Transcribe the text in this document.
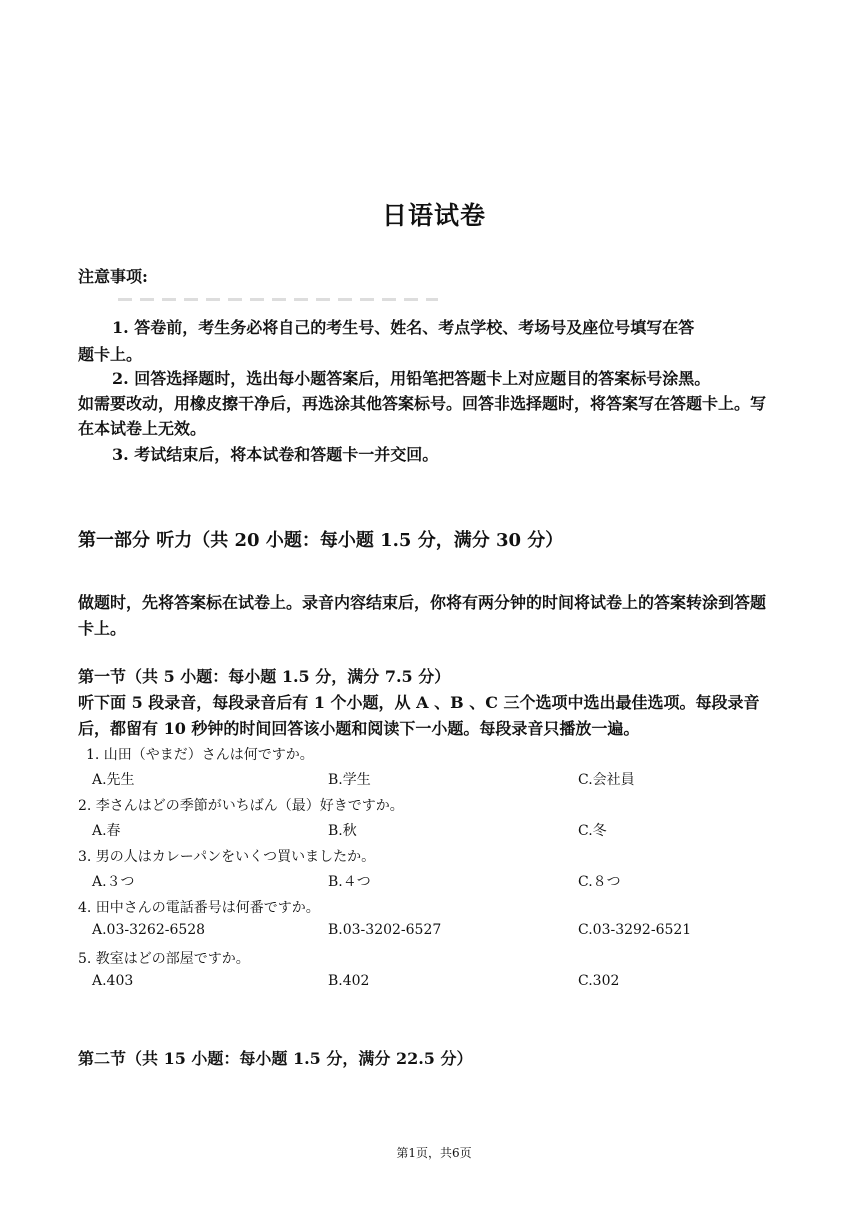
日语试卷
注意事项:
1. 答卷前，考生务必将自己的考生号、姓名、考点学校、考场号及座位号填写在答
题卡上。
2. 回答选择题时，选出每小题答案后，用铅笔把答题卡上对应题目的答案标号涂黑。
如需要改动，用橡皮擦干净后，再选涂其他答案标号。回答非选择题时，将答案写在答题卡上。写
在本试卷上无效。
3. 考试结束后，将本试卷和答题卡一并交回。
第一部分 听力（共 20 小题：每小题 1.5 分，满分 30 分）
做题时，先将答案标在试卷上。录音内容结束后，你将有两分钟的时间将试卷上的答案转涂到答题
卡上。
第一节（共 5 小题：每小题 1.5 分，满分 7.5 分）
听下面 5 段录音，每段录音后有 1 个小题，从 A 、B 、C 三个选项中选出最佳选项。每段录音
后，都留有 10 秒钟的时间回答该小题和阅读下一小题。每段录音只播放一遍。
1. 山田（やまだ）さんは何ですか。
A.先生	B.学生	C.会社員
2. 李さんはどの季節がいちばん（最）好きですか。
A.春	B.秋	C.冬
3. 男の人はカレーパンをいくつ買いましたか。
A.３つ	B.４つ	C.８つ
4. 田中さんの電話番号は何番ですか。
A.03-3262-6528	B.03-3202-6527	C.03-3292-6521
5. 教室はどの部屋ですか。
A.403	B.402	C.302
第二节（共 15 小题：每小题 1.5 分，满分 22.5 分）
第1页，共6页
